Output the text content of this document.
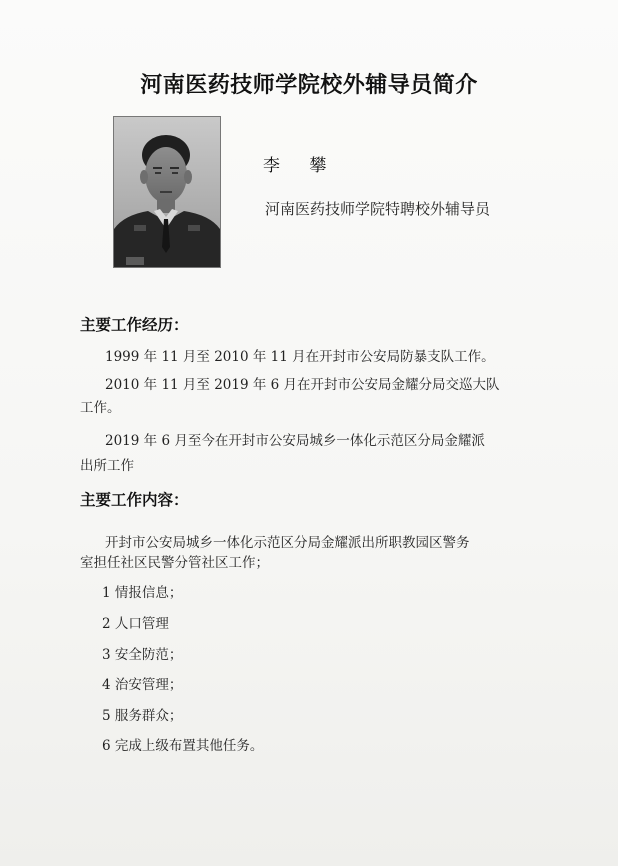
河南医药技师学院校外辅导员简介
李 攀
河南医药技师学院特聘校外辅导员
主要工作经历：
1999 年 11 月至 2010 年 11 月在开封市公安局防暴支队工作。
2010 年 11 月至 2019 年 6 月在开封市公安局金耀分局交巡大队
工作。
2019 年 6 月至今在开封市公安局城乡一体化示范区分局金耀派
出所工作
主要工作内容：
开封市公安局城乡一体化示范区分局金耀派出所职教园区警务
室担任社区民警分管社区工作；
1 情报信息；
2 人口管理
3 安全防范；
4 治安管理；
5 服务群众；
6 完成上级布置其他任务。
